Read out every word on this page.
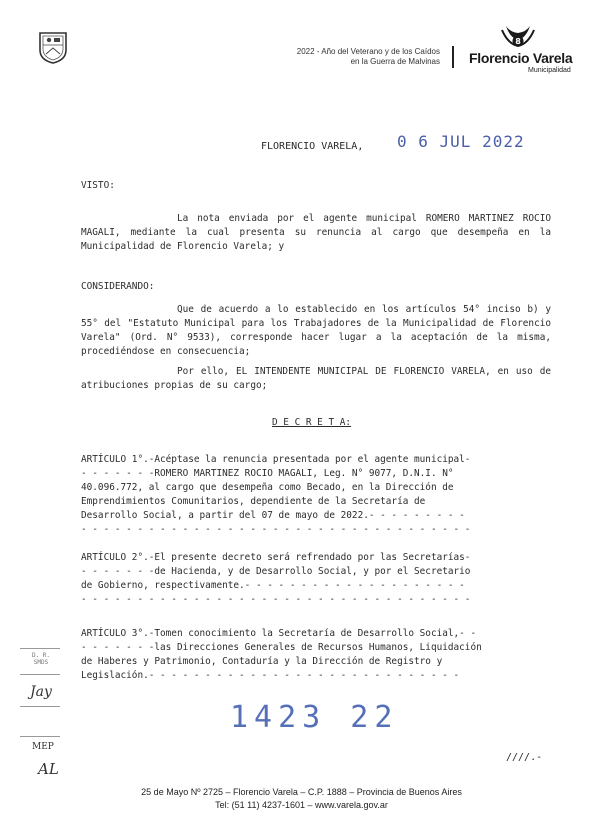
2022 - Año del Veterano y de los Caídos
en la Guerra de Malvinas
8
Florencio Varela
Municipalidad
FLORENCIO VARELA, 0 6 JUL 2022
VISTO:
La nota enviada por el agente municipal ROMERO MARTINEZ ROCIO MAGALI, mediante la cual presenta su renuncia al cargo que desempeña en la Municipalidad de Florencio Varela; y
CONSIDERANDO:
Que de acuerdo a lo establecido en los artículos 54° inciso b) y 55° del "Estatuto Municipal para los Trabajadores de la Municipalidad de Florencio Varela" (Ord. N° 9533), corresponde hacer lugar a la aceptación de la misma, procediéndose en consecuencia;
Por ello, EL INTENDENTE MUNICIPAL DE FLORENCIO VARELA, en uso de atribuciones propias de su cargo;
D E C R E T A:
ARTÍCULO 1°.-Acéptase la renuncia presentada por el agente municipal-
- - - - - - -ROMERO MARTINEZ ROCIO MAGALI, Leg. N° 9077, D.N.I. N°
40.096.772, al cargo que desempeña como Becado, en la Dirección de
Emprendimientos Comunitarios, dependiente de la Secretaría de
Desarrollo Social, a partir del 07 de mayo de 2022.- - - - - - - - -
- - - - - - - - - - - - - - - - - - - - - - - - - - - - - - - - - - -
ARTÍCULO 2°.-El presente decreto será refrendado por las Secretarías-
- - - - - - -de Hacienda, y de Desarrollo Social, y por el Secretario
de Gobierno, respectivamente.- - - - - - - - - - - - - - - - - - - -
- - - - - - - - - - - - - - - - - - - - - - - - - - - - - - - - - - -
ARTÍCULO 3°.-Tomen conocimiento la Secretaría de Desarrollo Social,- -
- - - - - - -las Direcciones Generales de Recursos Humanos, Liquidación
de Haberes y Patrimonio, Contaduría y la Dirección de Registro y
Legislación.- - - - - - - - - - - - - - - - - - - - - - - - - - - -
1423 22
////.-
D. R.
SMDS
Jay
MEP
AL
25 de Mayo Nº 2725 – Florencio Varela – C.P. 1888 – Provincia de Buenos Aires
Tel: (51 11) 4237-1601 – www.varela.gov.ar
